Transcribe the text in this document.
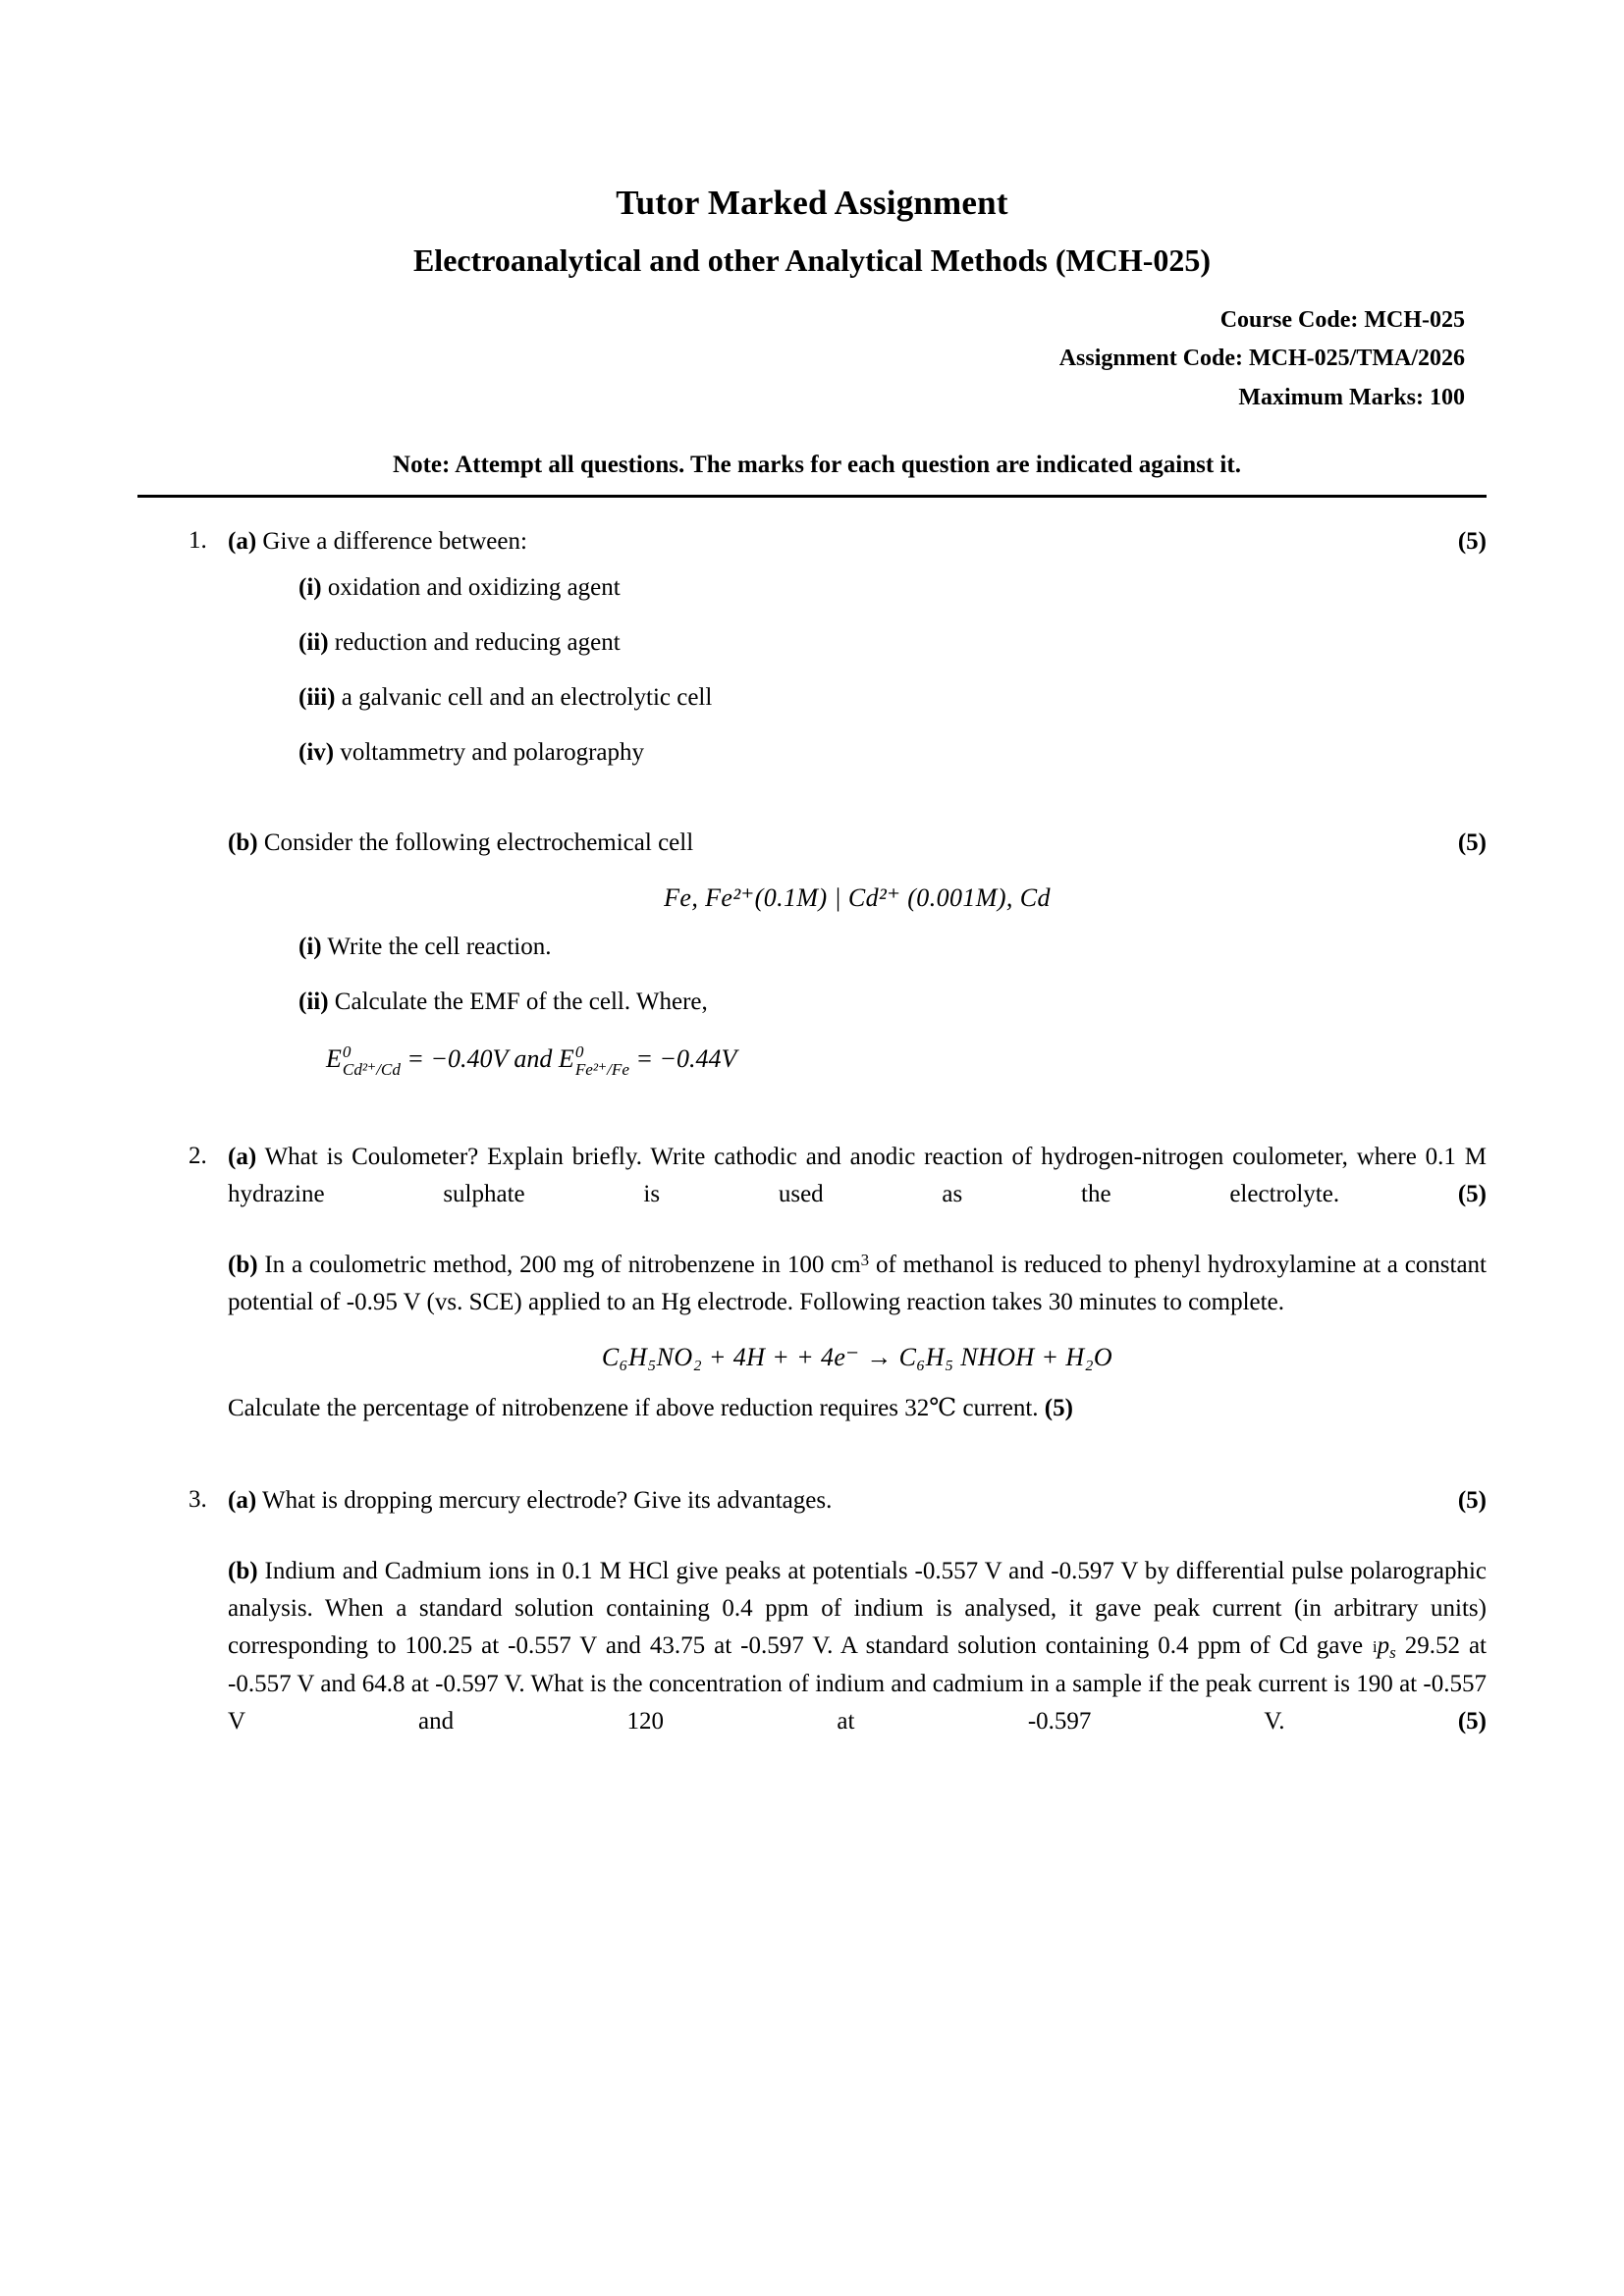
Tutor Marked Assignment
Electroanalytical and other Analytical Methods (MCH-025)
Course Code: MCH-025
Assignment Code: MCH-025/TMA/2026
Maximum Marks: 100
Note: Attempt all questions. The marks for each question are indicated against it.
1.	(5)
(a) Give a difference between:
(i) oxidation and oxidizing agent
(ii) reduction and reducing agent
(iii) a galvanic cell and an electrolytic cell
(iv) voltammetry and polarography
(5)
(b) Consider the following electrochemical cell
Fe, Fe²⁺(0.1M) | Cd²⁺ (0.001M), Cd
(i) Write the cell reaction.
(ii) Calculate the EMF of the cell. Where,
E 0
Cd²⁺/Cd = −0.40V and E 0
Fe²⁺/Fe = −0.44V
2. (a) What is Coulometer? Explain briefly. Write cathodic and anodic reaction of hydrogen-nitrogen coulometer, where 0.1 M hydrazine sulphate is used as the electrolyte.	(5)
(b) In a coulometric method, 200 mg of nitrobenzene in 100 $cm^3$ of methanol is reduced to phenyl hydroxylamine at a constant potential of -0.95 V (vs. SCE) applied to an Hg electrode. Following reaction takes 30 minutes to complete.
C₆H₅NO₂ + 4H + + 4e⁻ → C₆H₅ NHOH + H₂O
Calculate the percentage of nitrobenzene if above reduction requires 32℃ current. (5)
3.	(5)
(a) What is dropping mercury electrode? Give its advantages.
(b) Indium and Cadmium ions in 0.1 M HCl give peaks at potentials -0.557 V and -0.597 V by differential pulse polarographic analysis. When a standard solution containing 0.4 ppm of indium is analysed, it gave peak current (in arbitrary units) corresponding to 100.25 at -0.557 V and 43.75 at -0.597 V. A standard solution containing 0.4 ppm of Cd gave i $p_s$ 29.52 at -0.557 V and 64.8 at -0.597 V. What is the concentration of indium and cadmium in a sample if the peak current is 190 at -0.557 V and 120 at -0.597 V.	(5)
